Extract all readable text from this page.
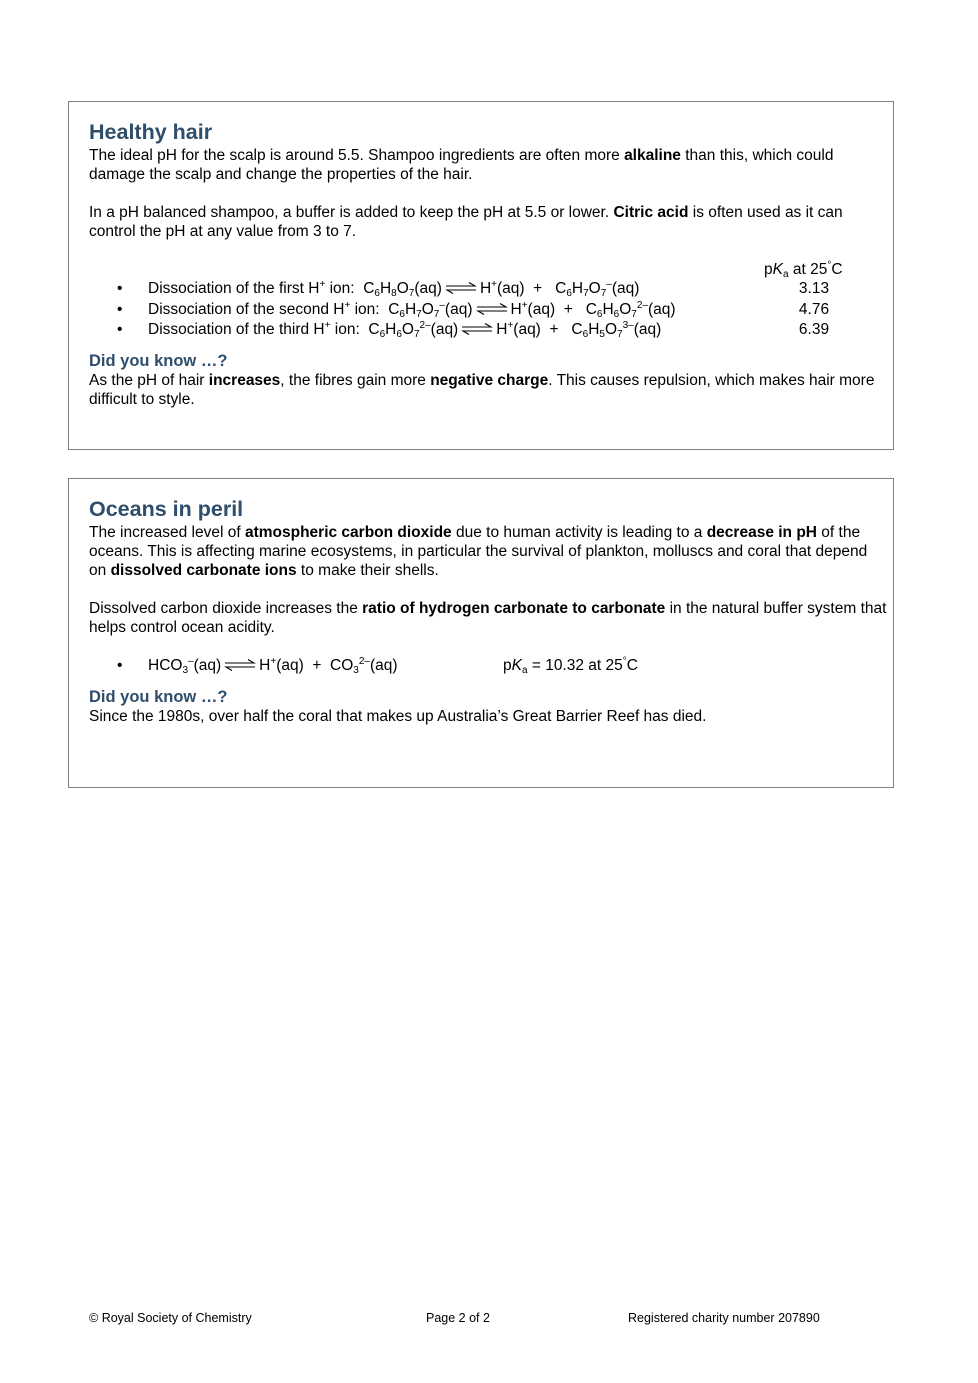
Healthy hair

The ideal pH for the scalp is around 5.5. Shampoo ingredients are often more alkaline than this, which could damage the scalp and change the properties of the hair.

In a pH balanced shampoo, a buffer is added to keep the pH at 5.5 or lower. Citric acid is often used as it can control the pH at any value from 3 to 7.

$pK_a$ at 25°C
• Dissociation of the first H+ ion:  $C_6H_8O_7(aq)$ ⇌ $H^+(aq) + C_6H_7O_7^-(aq)$	3.13
• Dissociation of the second H+ ion:  $C_6H_7O_7^-(aq)$ ⇌ $H^+(aq) + C_6H_6O_7^{2-}(aq)$	4.76
• Dissociation of the third H+ ion:  $C_6H_6O_7^{2-}(aq)$ ⇌ $H^+(aq) + C_6H_5O_7^{3-}(aq)$	6.39
Did you know …?

As the pH of hair increases, the fibres gain more negative charge. This causes repulsion, which makes hair more difficult to style.

Oceans in peril

The increased level of atmospheric carbon dioxide due to human activity is leading to a decrease in pH of the oceans. This is affecting marine ecosystems, in particular the survival of plankton, molluscs and coral that depend on dissolved carbonate ions to make their shells.

Dissolved carbon dioxide increases the ratio of hydrogen carbonate to carbonate in the natural buffer system that helps control ocean acidity.

• $HCO_3^-(aq)$ ⇌ $H^+(aq) + CO_3^{2-}(aq)$	$pK_a = 10.32$ at 25°C
Did you know …?

Since the 1980s, over half the coral that makes up Australia’s Great Barrier Reef has died.

© Royal Society of Chemistry	Page 2 of 2	Registered charity number 207890
